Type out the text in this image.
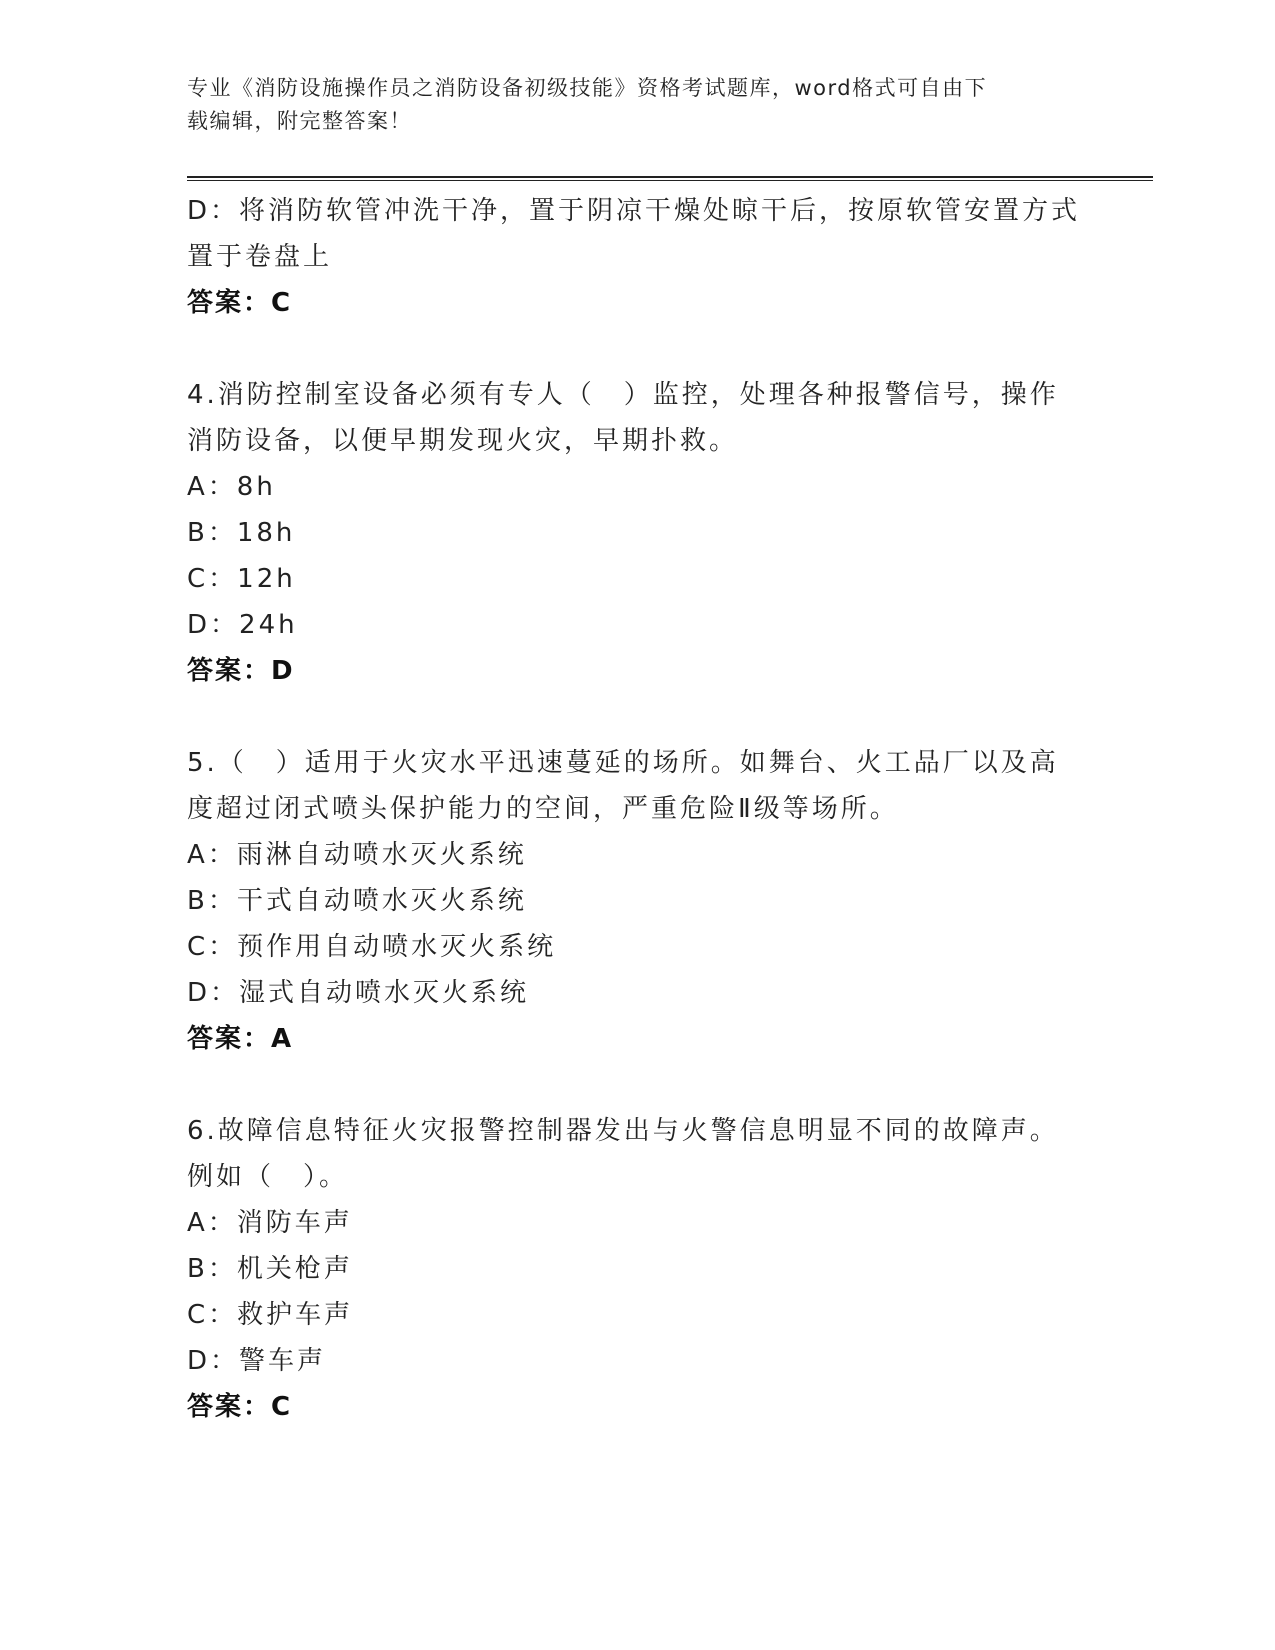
专业《消防设施操作员之消防设备初级技能》资格考试题库，word格式可自由下
载编辑，附完整答案！
D：将消防软管冲洗干净，置于阴凉干燥处晾干后，按原软管安置方式
置于卷盘上
答案：C
4.消防控制室设备必须有专人（　）监控，处理各种报警信号，操作
消防设备，以便早期发现火灾，早期扑救。
A：8h
B：18h
C：12h
D：24h
答案：D
5.（　）适用于火灾水平迅速蔓延的场所。如舞台、火工品厂以及高
度超过闭式喷头保护能力的空间，严重危险Ⅱ级等场所。
A：雨淋自动喷水灭火系统
B：干式自动喷水灭火系统
C：预作用自动喷水灭火系统
D：湿式自动喷水灭火系统
答案：A
6.故障信息特征火灾报警控制器发出与火警信息明显不同的故障声。
例如（　）。
A：消防车声
B：机关枪声
C：救护车声
D：警车声
答案：C
